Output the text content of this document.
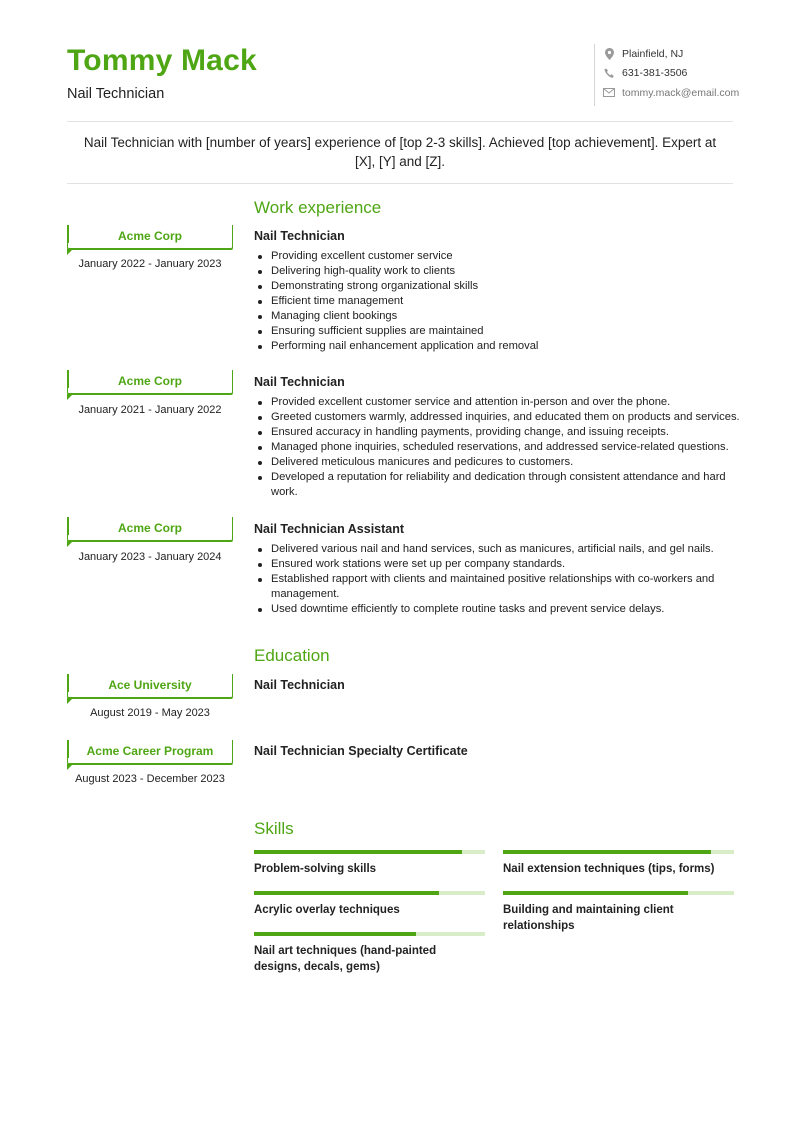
Tommy Mack
Nail Technician
Plainfield, NJ
631-381-3506
tommy.mack@email.com
Nail Technician with [number of years] experience of [top 2-3 skills]. Achieved [top achievement]. Expert at [X], [Y] and [Z].
Work experience
Acme Corp
January 2022 - January 2023
Nail Technician
Providing excellent customer service
Delivering high-quality work to clients
Demonstrating strong organizational skills
Efficient time management
Managing client bookings
Ensuring sufficient supplies are maintained
Performing nail enhancement application and removal
Acme Corp
January 2021 - January 2022
Nail Technician
Provided excellent customer service and attention in-person and over the phone.
Greeted customers warmly, addressed inquiries, and educated them on products and services.
Ensured accuracy in handling payments, providing change, and issuing receipts.
Managed phone inquiries, scheduled reservations, and addressed service-related questions.
Delivered meticulous manicures and pedicures to customers.
Developed a reputation for reliability and dedication through consistent attendance and hard work.
Acme Corp
January 2023 - January 2024
Nail Technician Assistant
Delivered various nail and hand services, such as manicures, artificial nails, and gel nails.
Ensured work stations were set up per company standards.
Established rapport with clients and maintained positive relationships with co-workers and management.
Used downtime efficiently to complete routine tasks and prevent service delays.
Education
Ace University
August 2019 - May 2023
Nail Technician
Acme Career Program
August 2023 - December 2023
Nail Technician Specialty Certificate
Skills
Problem-solving skills	Nail extension techniques (tips, forms)
Acrylic overlay techniques	Building and maintaining client relationships
Nail art techniques (hand-painted designs, decals, gems)
